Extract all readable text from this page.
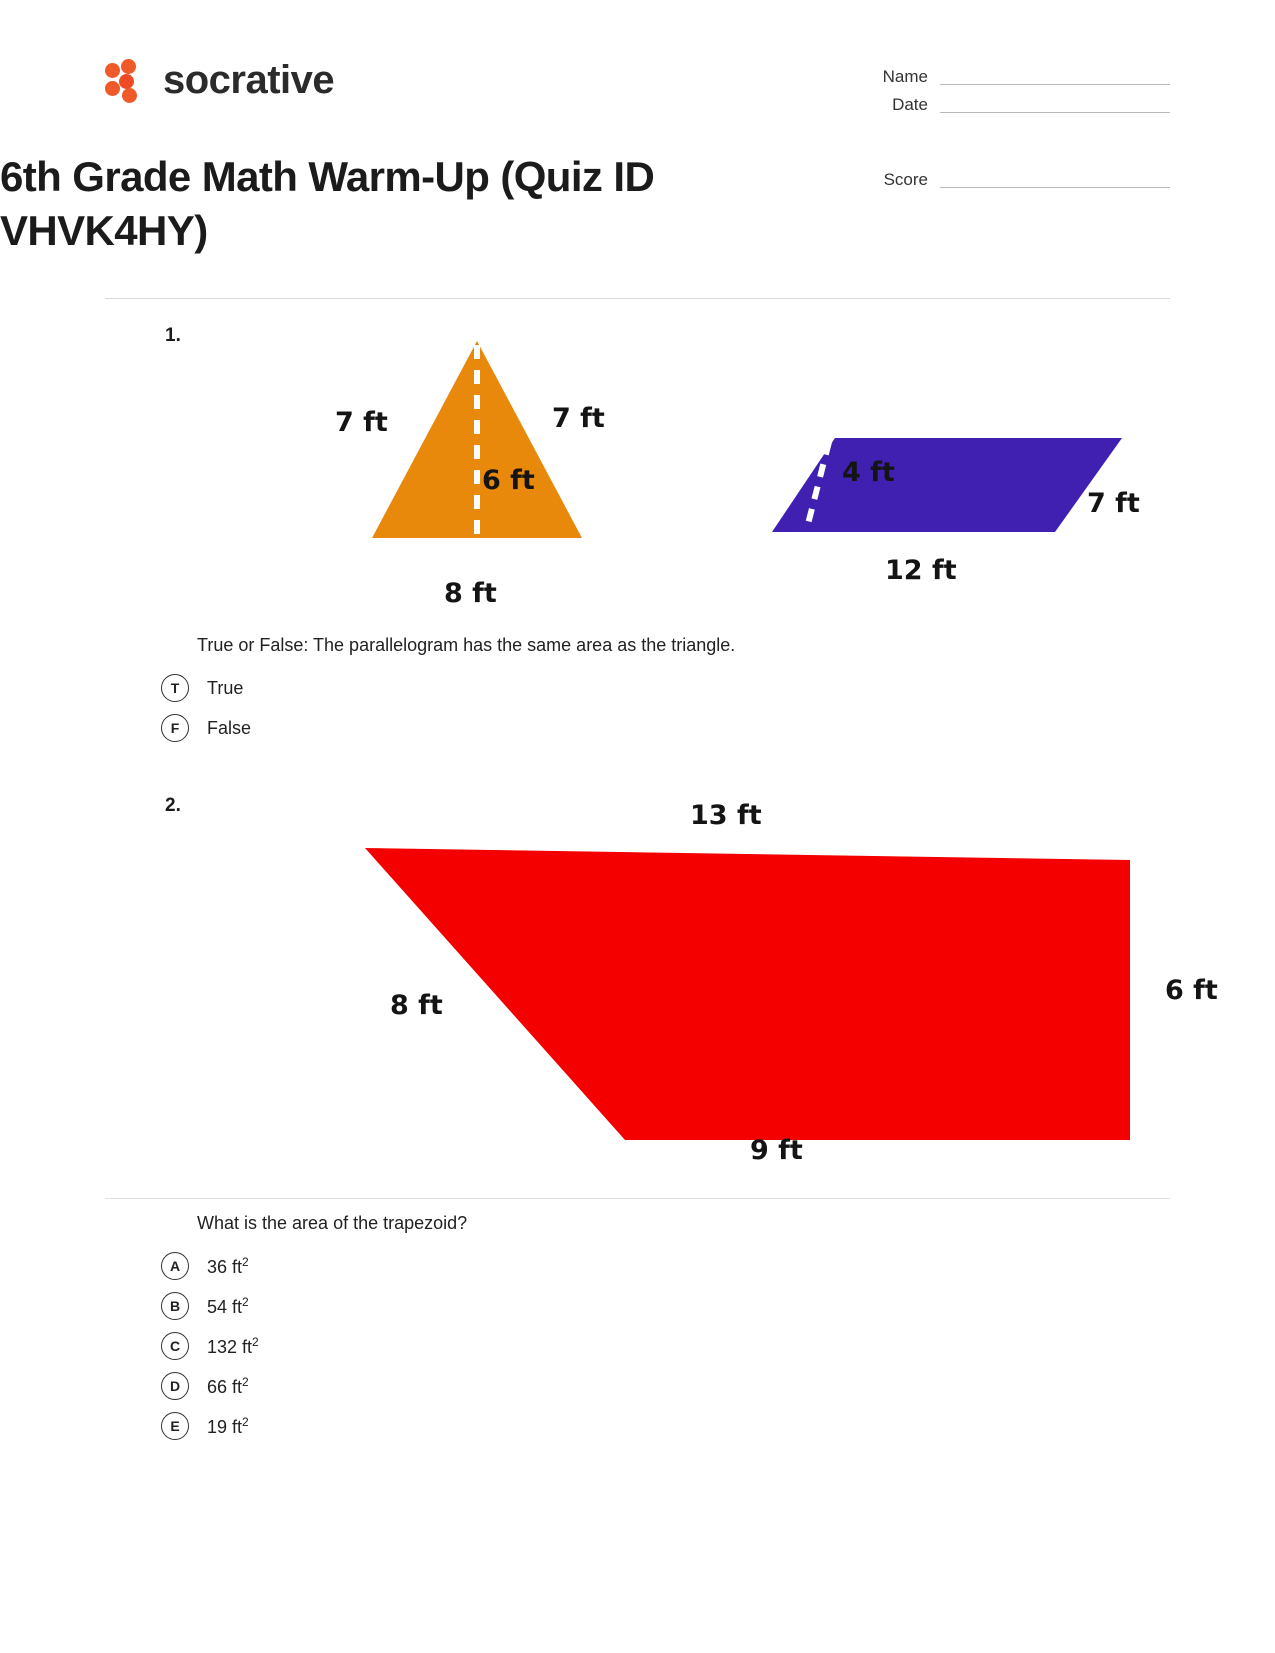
socrative	Name
Date
Score
6th Grade Math Warm-Up (Quiz ID VHVK4HY)
1.
7 ft	7 ft
6 ft
8 ft
4 ft
7 ft
12 ft
True or False: The parallelogram has the same area as the triangle.
T	True
F	False
2.	13 ft
8 ft	6 ft
9 ft
What is the area of the trapezoid?
A	36 $ft^2$
B	54 $ft^2$
C	132 $ft^2$
D	66 $ft^2$
E	19 $ft^2$
